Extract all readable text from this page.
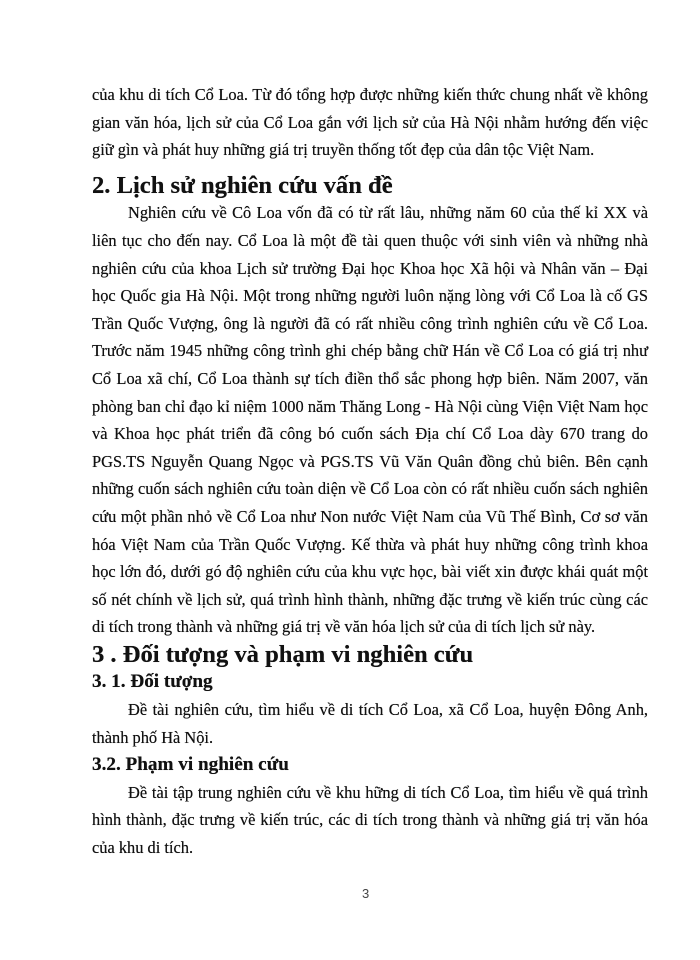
của khu di tích Cổ Loa. Từ đó tổng hợp được những kiến thức chung nhất về không gian văn hóa, lịch sử của Cổ Loa gắn với lịch sử của Hà Nội nhằm hướng đến việc giữ gìn và phát huy những giá trị truyền thống tốt đẹp của dân tộc Việt Nam.

2. Lịch sử nghiên cứu vấn đề

Nghiên cứu về Cô Loa vốn đã có từ rất lâu, những năm 60 của thế kỉ XX và liên tục cho đến nay. Cổ Loa là một đề tài quen thuộc với sinh viên và những nhà nghiên cứu của khoa Lịch sử trường Đại học Khoa học Xã hội và Nhân văn – Đại học Quốc gia Hà Nội. Một trong những người luôn nặng lòng với Cổ Loa là cố GS Trần Quốc Vượng, ông là người đã có rất nhiều công trình nghiên cứu về Cổ Loa. Trước năm 1945 những công trình ghi chép bằng chữ Hán về Cổ Loa có giá trị như Cổ Loa xã chí, Cổ Loa thành sự tích điền thổ sắc phong hợp biên. Năm 2007, văn phòng ban chỉ đạo kỉ niệm 1000 năm Thăng Long - Hà Nội cùng Viện Việt Nam học và Khoa học phát triển đã công bó cuốn sách Địa chí Cổ Loa dày 670 trang do PGS.TS Nguyễn Quang Ngọc và PGS.TS Vũ Văn Quân đồng chủ biên. Bên cạnh những cuốn sách nghiên cứu toàn diện về Cổ Loa còn có rất nhiều cuốn sách nghiên cứu một phần nhỏ về Cổ Loa như Non nước Việt Nam của Vũ Thế Bình, Cơ sơ văn hóa Việt Nam của Trần Quốc Vượng. Kế thừa và phát huy những công trình khoa học lớn đó, dưới gó độ nghiên cứu của khu vực học, bài viết xin được khái quát một số nét chính về lịch sử, quá trình hình thành, những đặc trưng về kiến trúc cùng các di tích trong thành và những giá trị về văn hóa lịch sử của di tích lịch sử này.

3 . Đối tượng và phạm vi nghiên cứu
3. 1. Đối tượng

Đề tài nghiên cứu, tìm hiểu về di tích Cổ Loa, xã Cổ Loa, huyện Đông Anh, thành phố Hà Nội.

3.2. Phạm vi nghiên cứu

Đề tài tập trung nghiên cứu về khu hững di tích Cổ Loa, tìm hiểu về quá trình hình thành, đặc trưng về kiến trúc, các di tích trong thành và những giá trị văn hóa của khu di tích.

3
